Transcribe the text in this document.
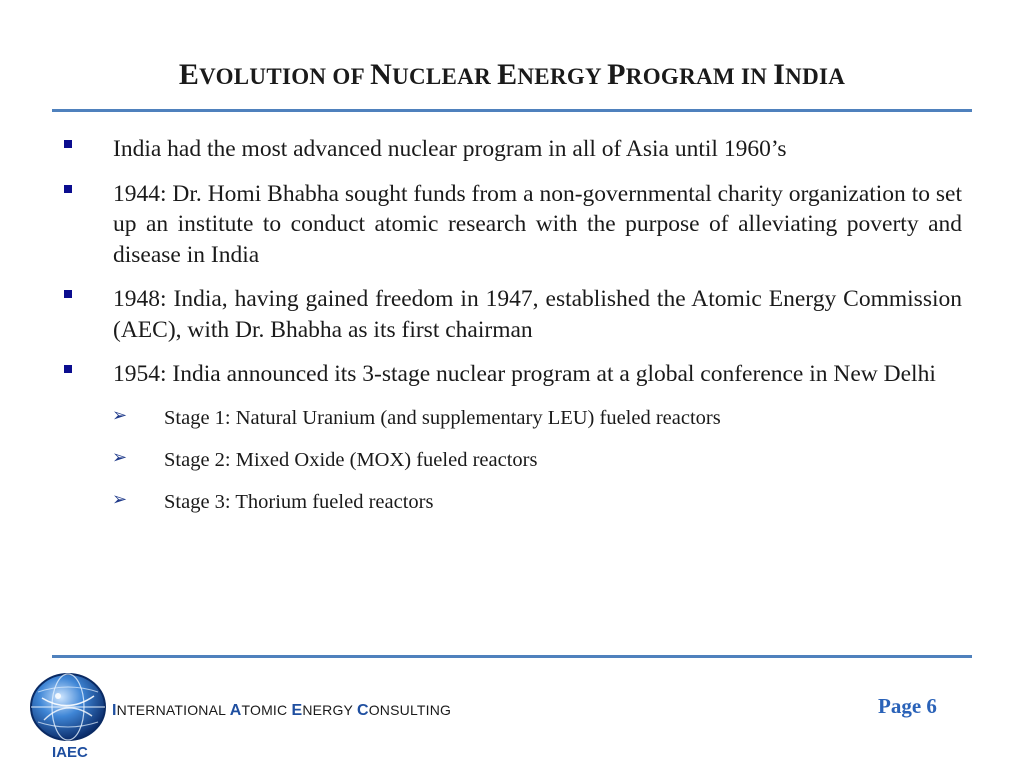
EVOLUTION OF NUCLEAR ENERGY PROGRAM IN INDIA
India had the most advanced nuclear program in all of Asia until 1960’s
1944: Dr. Homi Bhabha sought funds from a non-governmental charity organization to set up an institute to conduct atomic research with the purpose of alleviating poverty and disease in India
1948: India, having gained freedom in 1947, established the Atomic Energy Commission (AEC), with Dr. Bhabha as its first chairman
1954: India announced its 3-stage nuclear program at a global conference in New Delhi
➢ Stage 1: Natural Uranium (and supplementary LEU) fueled reactors
➢ Stage 2: Mixed Oxide (MOX) fueled reactors
➢ Stage 3: Thorium fueled reactors
IAEC
INTERNATIONAL ATOMIC ENERGY CONSULTING	Page 6
